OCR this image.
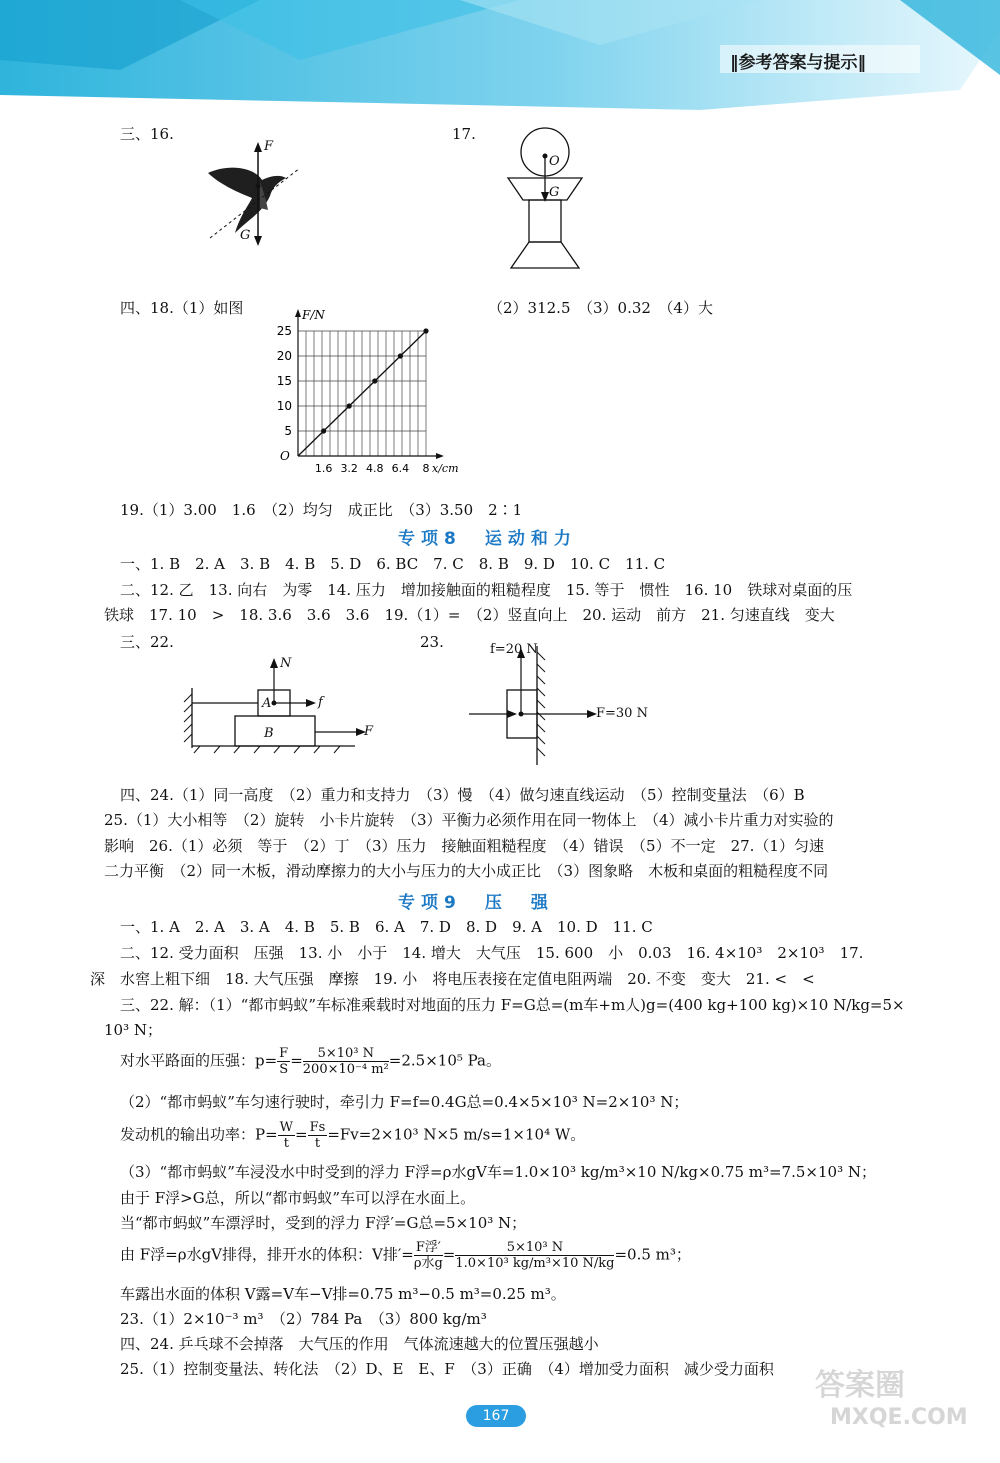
‖参考答案与提示‖
三、16.
F
G
17.
O
G
四、18.（1）如图	（2）312.5　（3）0.32　（4）大
F/N
x/cm
O
5
10
15
20
25
1.6 3.2 4.8 6.4 8
19.（1）3.00　1.6　（2）均匀　成正比　（3）3.50　2∶1
专项8　运动和力
一、1. B　2. A　3. B　4. B　5. D　6. BC　7. C　8. B　9. D　10. C　11. C
二、12. 乙　13. 向右　为零　14. 压力　增加接触面的粗糙程度　15. 等于　惯性　16. 10　铁球对桌面的压
铁球　17. 10　>　18. 3.6　3.6　3.6　19.（1）=　（2）竖直向上　20. 运动　前方　21. 匀速直线　变大
三、22.	23.
N
A	f
B	F
f=20 N
F=30 N
四、24.（1）同一高度　（2）重力和支持力　（3）慢　（4）做匀速直线运动　（5）控制变量法　（6）B
25.（1）大小相等　（2）旋转　小卡片旋转　（3）平衡力必须作用在同一物体上　（4）减小卡片重力对实验的
影响　26.（1）必须　等于　（2）丁　（3）压力　接触面粗糙程度　（4）错误　（5）不一定　27.（1）匀速
二力平衡　（2）同一木板，滑动摩擦力的大小与压力的大小成正比　（3）图象略　木板和桌面的粗糙程度不同
专项9　压　强
一、1. A　2. A　3. A　4. B　5. B　6. A　7. D　8. D　9. A　10. D　11. C
二、12. 受力面积　压强　13. 小　小于　14. 增大　大气压　15. 600　小　0.03　16. 4×10³　2×10³　17.
深　水窖上粗下细　18. 大气压强　摩擦　19. 小　将电压表接在定值电阻两端　20. 不变　变大　21. <　<
三、22. 解：（1）“都市蚂蚁”车标准乘载时对地面的压力 F=G总=(m车+m人)g=(400 kg+100 kg)×10 N/kg=5×
10³ N；
对水平路面的压强：$p= \frac{F}{S} = \frac{\text{5×10³ N}}{\text{200×10⁻⁴ m²}} =2.5\times 10^5$ Pa。
（2）“都市蚂蚁”车匀速行驶时，牵引力 F=f=0.4G总=0.4×5×10³ N=2×10³ N；
发动机的输出功率：$P= \frac{W}{t} = \frac{Fs}{t} =Fv=2\times 10^3$ N×5 m/s=1×10⁴ W。
（3）“都市蚂蚁”车浸没水中时受到的浮力 F浮=ρ水gV车=1.0×10³ kg/m³×10 N/kg×0.75 m³=7.5×10³ N；
由于 F浮>G总，所以“都市蚂蚁”车可以浮在水面上。
当“都市蚂蚁”车漂浮时，受到的浮力 F浮′=G总=5×10³ N；
由 F浮=ρ水gV排得，排开水的体积：V排′= $\frac{\text{F浮′}}{\text{ρ水g}} = \frac{\text{5×10³ N}}{\text{1.0×10³ kg/m³×10 N/kg}} =0.5$ m³；
车露出水面的体积 V露=V车−V排=0.75 m³−0.5 m³=0.25 m³。
23.（1）2×10⁻³ m³　（2）784 Pa　（3）800 kg/m³
四、24. 乒乓球不会掉落　大气压的作用　气体流速越大的位置压强越小
25.（1）控制变量法、转化法　（2）D、E　E、F　（3）正确　（4）增加受力面积　减少受力面积
167
答案圈
MXQE.COM
